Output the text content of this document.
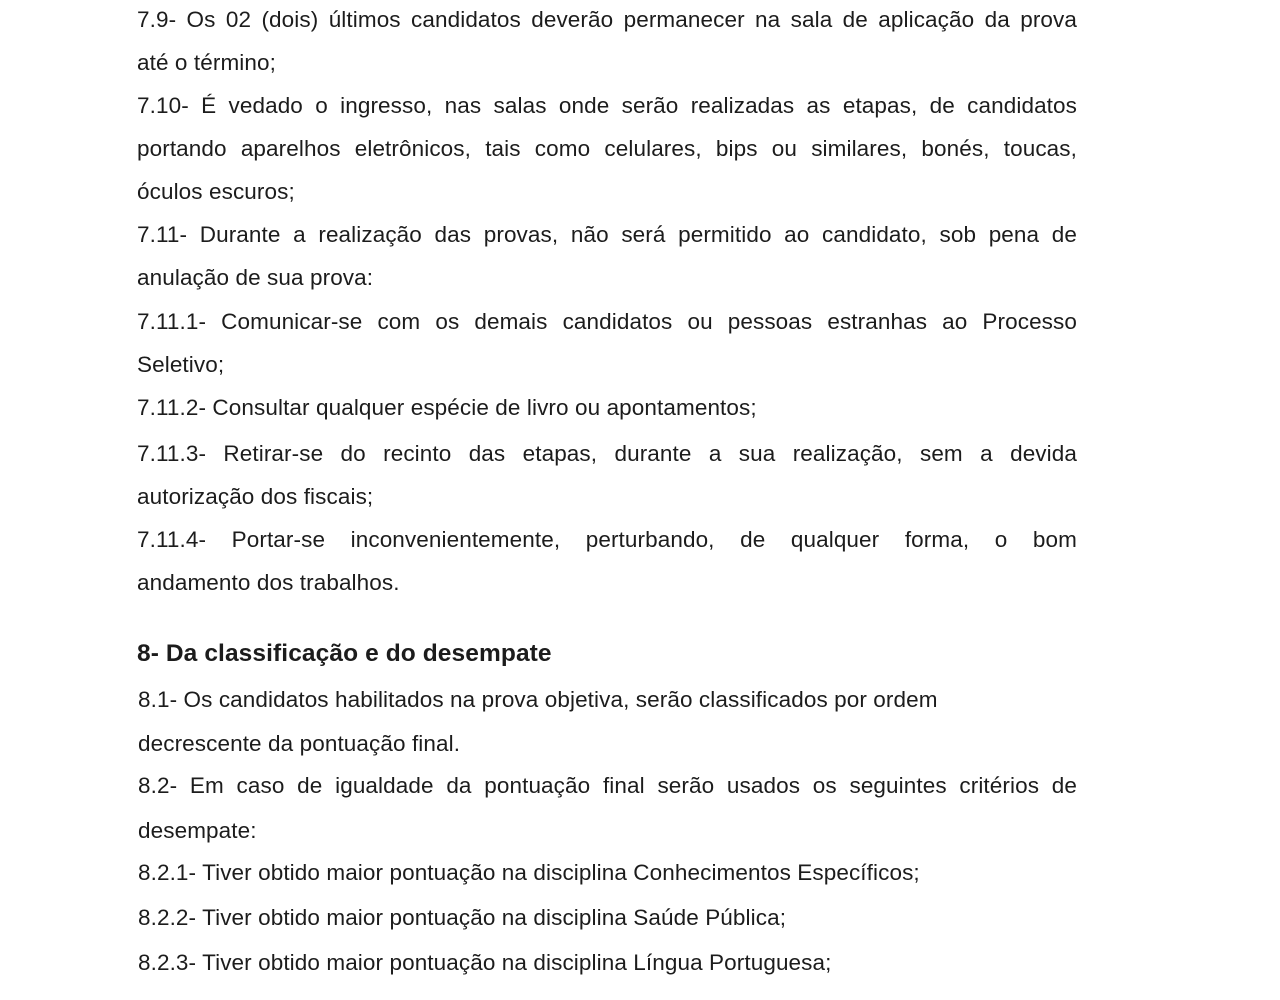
7.9- Os 02 (dois) últimos candidatos deverão permanecer na sala de aplicação da prova
até o término;
7.10- É vedado o ingresso, nas salas onde serão realizadas as etapas, de candidatos
portando aparelhos eletrônicos, tais como celulares, bips ou similares, bonés, toucas,
óculos escuros;
7.11- Durante a realização das provas, não será permitido ao candidato, sob pena de
anulação de sua prova:
7.11.1- Comunicar-se com os demais candidatos ou pessoas estranhas ao Processo
Seletivo;
7.11.2- Consultar qualquer espécie de livro ou apontamentos;
7.11.3- Retirar-se do recinto das etapas, durante a sua realização, sem a devida
autorização dos fiscais;
7.11.4- Portar-se inconvenientemente, perturbando, de qualquer forma, o bom
andamento dos trabalhos.
8- Da classificação e do desempate
8.1- Os candidatos habilitados na prova objetiva, serão classificados por ordem
decrescente da pontuação final.
8.2- Em caso de igualdade da pontuação final serão usados os seguintes critérios de
desempate:
8.2.1- Tiver obtido maior pontuação na disciplina Conhecimentos Específicos;
8.2.2- Tiver obtido maior pontuação na disciplina Saúde Pública;
8.2.3- Tiver obtido maior pontuação na disciplina Língua Portuguesa;
